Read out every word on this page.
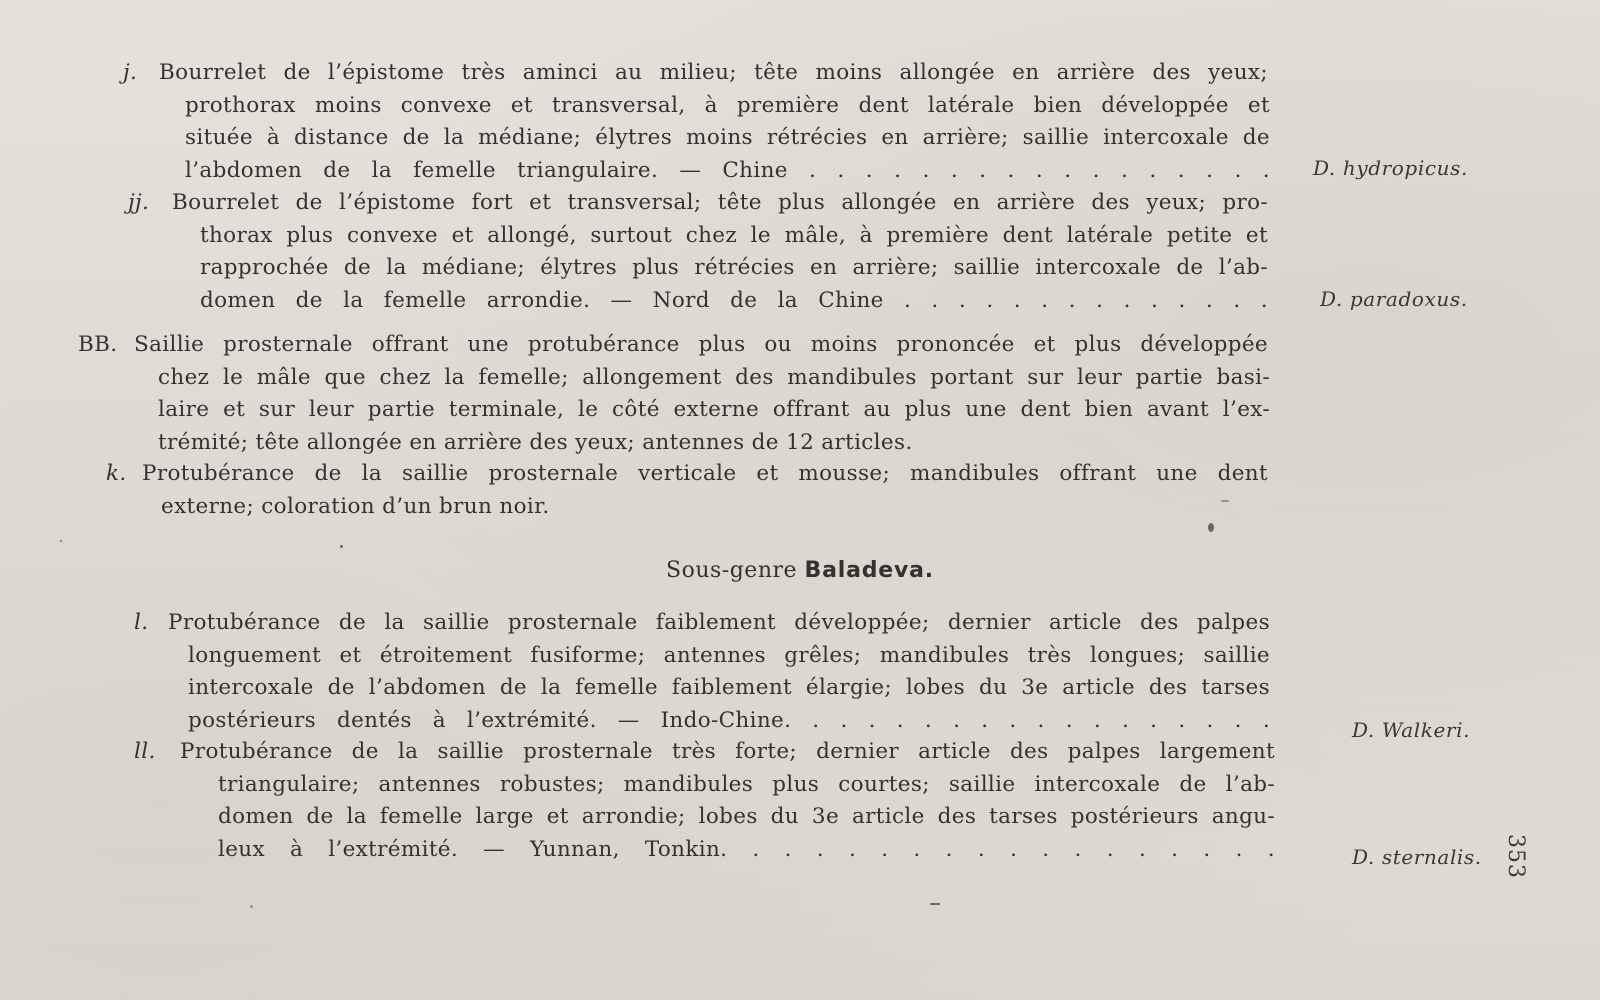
j. Bourrelet de l’épistome très aminci au milieu; tête moins allongée en arrière des yeux;
prothorax moins convexe et transversal, à première dent latérale bien développée et
située à distance de la médiane; élytres moins rétrécies en arrière; saillie intercoxale de
l’abdomen de la femelle triangulaire. — Chine . . . . . . . . . . . . . . . . . D. hydropicus.
jj. Bourrelet de l’épistome fort et transversal; tête plus allongée en arrière des yeux; pro-
thorax plus convexe et allongé, surtout chez le mâle, à première dent latérale petite et
rapprochée de la médiane; élytres plus rétrécies en arrière; saillie intercoxale de l’ab-
domen de la femelle arrondie. — Nord de la Chine . . . . . . . . . . . . . .	D. paradoxus.
BB. Saillie prosternale offrant une protubérance plus ou moins prononcée et plus développée
chez le mâle que chez la femelle; allongement des mandibules portant sur leur partie basi-
laire et sur leur partie terminale, le côté externe offrant au plus une dent bien avant l’ex-
trémité; tête allongée en arrière des yeux; antennes de 12 articles.
k. Protubérance de la saillie prosternale verticale et mousse; mandibules offrant une dent
externe; coloration d’un brun noir.
Sous-genre Baladeva.
l. Protubérance de la saillie prosternale faiblement développée; dernier article des palpes
longuement et étroitement fusiforme; antennes grêles; mandibules très longues; saillie
intercoxale de l’abdomen de la femelle faiblement élargie; lobes du 3e article des tarses
postérieurs dentés à l’extrémité. — Indo-Chine. . . . . . . . . . . . . . . . . .	D. Walkeri.
ll. Protubérance de la saillie prosternale très forte; dernier article des palpes largement
triangulaire; antennes robustes; mandibules plus courtes; saillie intercoxale de l’ab-
domen de la femelle large et arrondie; lobes du 3e article des tarses postérieurs angu-
leux à l’extrémité. — Yunnan, Tonkin. . . . . . . . . . . . . . . . . .	D. sternalis. 353
